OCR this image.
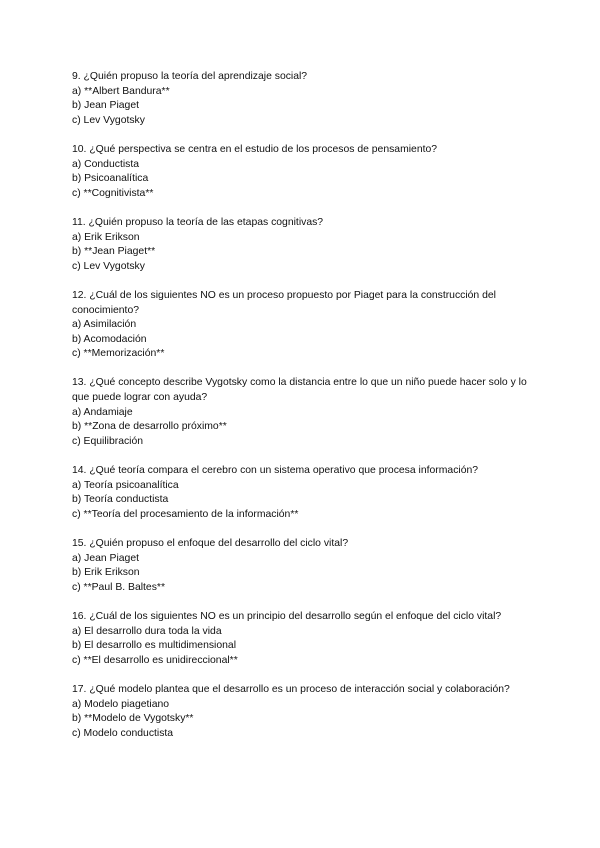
9. ¿Quién propuso la teoría del aprendizaje social?
a) **Albert Bandura**
b) Jean Piaget
c) Lev Vygotsky
10. ¿Qué perspectiva se centra en el estudio de los procesos de pensamiento?
a) Conductista
b) Psicoanalítica
c) **Cognitivista**
11. ¿Quién propuso la teoría de las etapas cognitivas?
a) Erik Erikson
b) **Jean Piaget**
c) Lev Vygotsky
12. ¿Cuál de los siguientes NO es un proceso propuesto por Piaget para la construcción del conocimiento?
a) Asimilación
b) Acomodación
c) **Memorización**
13. ¿Qué concepto describe Vygotsky como la distancia entre lo que un niño puede hacer solo y lo que puede lograr con ayuda?
a) Andamiaje
b) **Zona de desarrollo próximo**
c) Equilibración
14. ¿Qué teoría compara el cerebro con un sistema operativo que procesa información?
a) Teoría psicoanalítica
b) Teoría conductista
c) **Teoría del procesamiento de la información**
15. ¿Quién propuso el enfoque del desarrollo del ciclo vital?
a) Jean Piaget
b) Erik Erikson
c) **Paul B. Baltes**
16. ¿Cuál de los siguientes NO es un principio del desarrollo según el enfoque del ciclo vital?
a) El desarrollo dura toda la vida
b) El desarrollo es multidimensional
c) **El desarrollo es unidireccional**
17. ¿Qué modelo plantea que el desarrollo es un proceso de interacción social y colaboración?
a) Modelo piagetiano
b) **Modelo de Vygotsky**
c) Modelo conductista
